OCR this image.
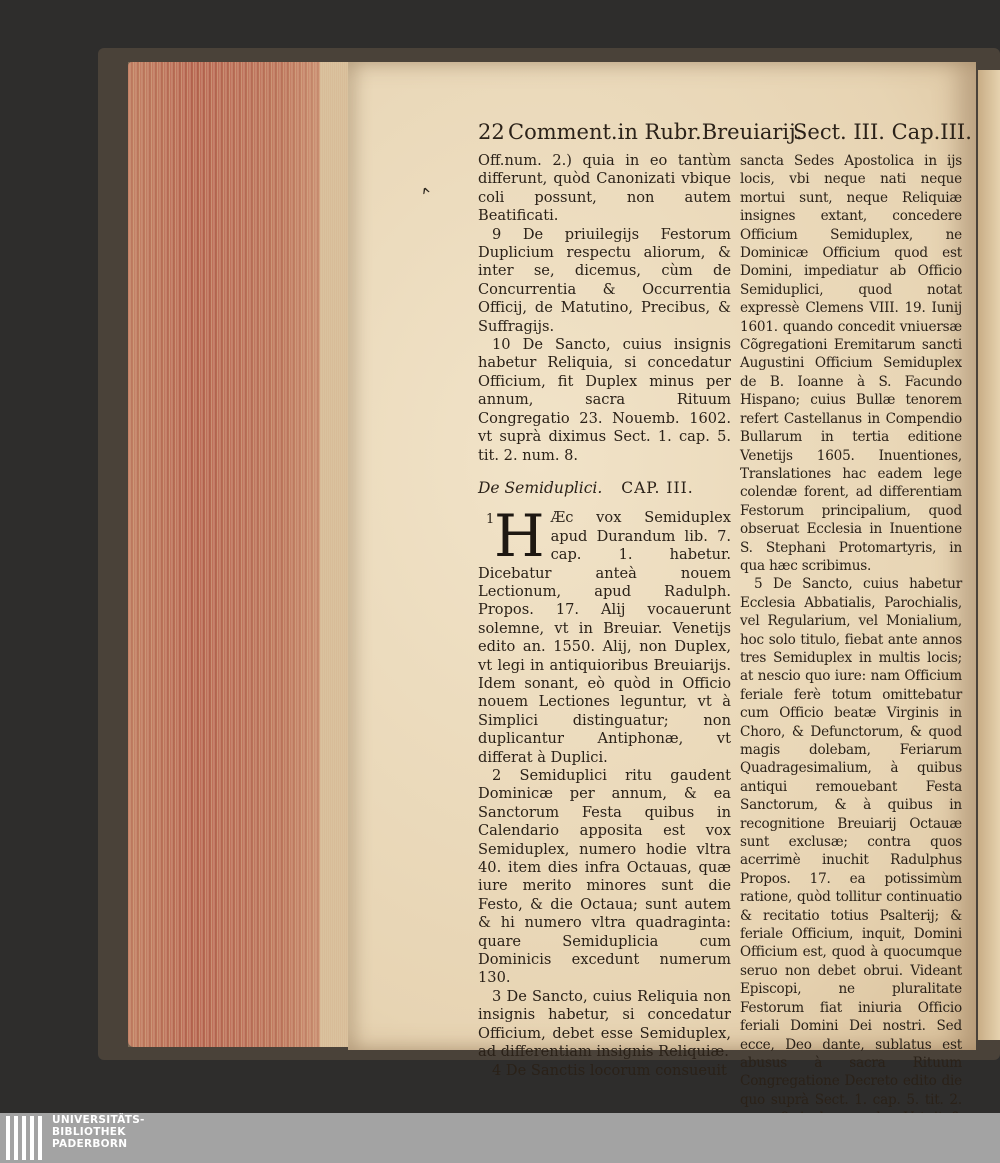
˄
22 Comment.in Rubr.Breuiarij.
Sect. III. Cap.III.

Off.num. 2.) quia in eo tantùm differunt, quòd Canonizati vbique coli possunt, non autem Beatificati.

9 De priuilegijs Festorum Duplicium respectu aliorum, & inter se, dicemus, cùm de Concurrentia & Occurrentia Officij, de Matutino, Precibus, & Suffragijs.

10 De Sancto, cuius insignis habetur Reliquia, si concedatur Officium, fit Duplex minus per annum, sacra Rituum Congregatio 23. Nouemb. 1602. vt suprà diximus Sect. 1. cap. 5. tit. 2. num. 8.

De Semiduplici. CAP. III.

1 H Æc vox Semiduplex apud Durandum lib. 7. cap. 1. habetur. Dicebatur anteà nouem Lectionum, apud Radulph. Propos. 17. Alij vocauerunt solemne, vt in Breuiar. Venetijs edito an. 1550. Alij, non Duplex, vt legi in antiquioribus Breuiarijs. Idem sonant, eò quòd in Officio nouem Lectiones leguntur, vt à Simplici distinguatur; non duplicantur Antiphonæ, vt differat à Duplici.

2 Semiduplici ritu gaudent Dominicæ per annum, & ea Sanctorum Festa quibus in Calendario apposita est vox Semiduplex, numero hodie vltra 40. item dies infra Octauas, quæ iure merito minores sunt die Festo, & die Octaua; sunt autem & hi numero vltra quadraginta: quare Semiduplicia cum Dominicis excedunt numerum 130.

3 De Sancto, cuius Reliquia non insignis habetur, si concedatur Officium, debet esse Semiduplex, ad differentiam insignis Reliquiæ.

4 De Sanctis locorum consueuit

sancta Sedes Apostolica in ijs locis, vbi neque nati neque mortui sunt, neque Reliquiæ insignes extant, concedere Officium Semiduplex, ne Dominicæ Officium quod est Domini, impediatur ab Officio Semiduplici, quod notat expressè Clemens VIII. 19. Iunij 1601. quando concedit vniuersæ Cõgregationi Eremitarum sancti Augustini Officium Semiduplex de B. Ioanne à S. Facundo Hispano; cuius Bullæ tenorem refert Castellanus in Compendio Bullarum in tertia editione Venetijs 1605. Inuentiones, Translationes hac eadem lege colendæ forent, ad differentiam Festorum principalium, quod obseruat Ecclesia in Inuentione S. Stephani Protomartyris, in qua hæc scribimus.

5 De Sancto, cuius habetur Ecclesia Abbatialis, Parochialis, vel Regularium, vel Monialium, hoc solo titulo, fiebat ante annos tres Semiduplex in multis locis; at nescio quo iure: nam Officium feriale ferè totum omittebatur cum Officio beatæ Virginis in Choro, & Defunctorum, & quod magis dolebam, Feriarum Quadragesimalium, à quibus antiqui remouebant Festa Sanctorum, & à quibus in recognitione Breuiarij Octauæ sunt exclusæ; contra quos acerrimè inuchit Radulphus Propos. 17. ea potissimùm ratione, quòd tollitur continuatio & recitatio totius Psalterij; & feriale Officium, inquit, Domini Officium est, quod à quocumque seruo non debet obrui. Videant Episcopi, ne pluralitate Festorum fiat iniuria Officio feriali Domini Dei nostri. Sed ecce, Deo dante, sublatus est abusus à sacra Rituum Congregatione Decreto edito die quo suprà Sect. 1. cap. 5. tit. 2.

UNIVERSITÄTS-
BIBLIOTHEK
PADERBORN
